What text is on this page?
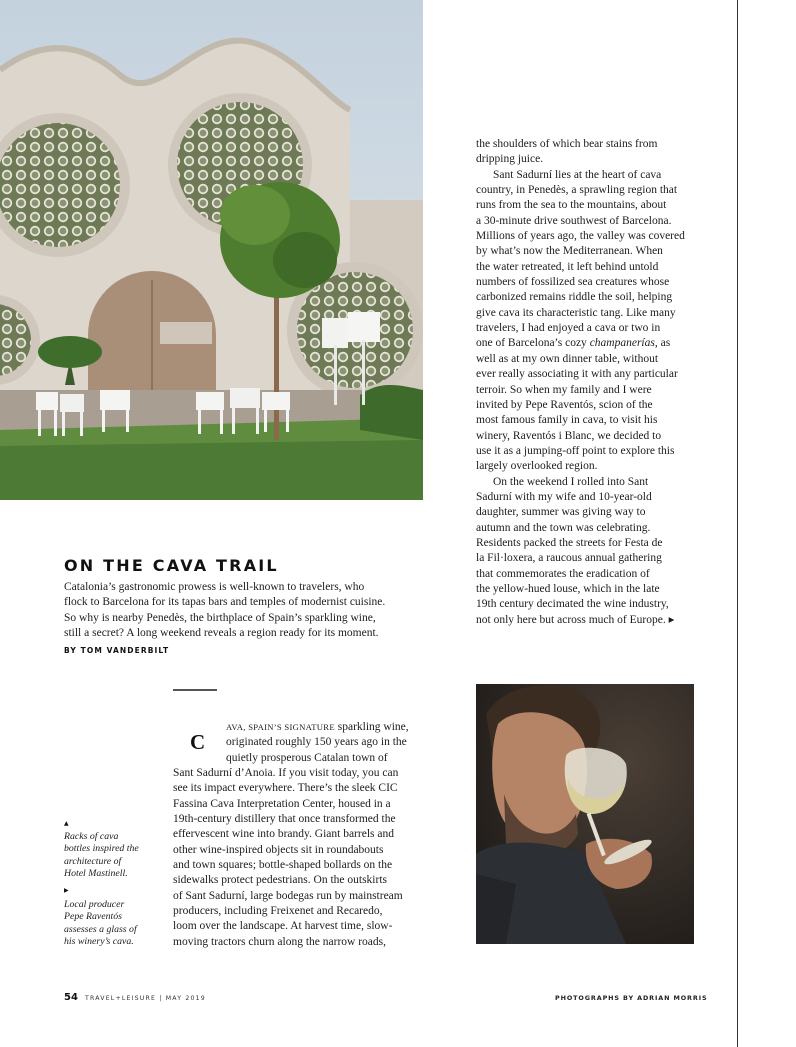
the shoulders of which bear stains from
dripping juice.
Sant Sadurní lies at the heart of cava
country, in Penedès, a sprawling region that
runs from the sea to the mountains, about
a 30-minute drive southwest of Barcelona.
Millions of years ago, the valley was covered
by what’s now the Mediterranean. When
the water retreated, it left behind untold
numbers of fossilized sea creatures whose
carbonized remains riddle the soil, helping
give cava its characteristic tang. Like many
travelers, I had enjoyed a cava or two in
one of Barcelona’s cozy champanerías, as
well as at my own dinner table, without
ever really associating it with any particular
terroir. So when my family and I were
invited by Pepe Raventós, scion of the
most famous family in cava, to visit his
winery, Raventós i Blanc, we decided to
use it as a jumping-off point to explore this
largely overlooked region.
On the weekend I rolled into Sant
Sadurní with my wife and 10-year-old
daughter, summer was giving way to
autumn and the town was celebrating.
Residents packed the streets for Festa de
la Fil·loxera, a raucous annual gathering
that commemorates the eradication of
the yellow-hued louse, which in the late
19th century decimated the wine industry,
not only here but across much of Europe. ▸
ON THE CAVA TRAIL
Catalonia’s gastronomic prowess is well-known to travelers, who
flock to Barcelona for its tapas bars and temples of modernist cuisine.
So why is nearby Penedès, the birthplace of Spain’s sparkling wine,
still a secret? A long weekend reveals a region ready for its moment.
BY TOM VANDERBILT
C
AVA, SPAIN’S SIGNATURE sparkling wine,
originated roughly 150 years ago in the
quietly prosperous Catalan town of
Sant Sadurní d’Anoia. If you visit today, you can
see its impact everywhere. There’s the sleek CIC
Fassina Cava Interpretation Center, housed in a
19th-century distillery that once transformed the
effervescent wine into brandy. Giant barrels and
other wine-inspired objects sit in roundabouts
and town squares; bottle-shaped bollards on the
sidewalks protect pedestrians. On the outskirts
of Sant Sadurní, large bodegas run by mainstream
producers, including Freixenet and Recaredo,
loom over the landscape. At harvest time, slow-
moving tractors churn along the narrow roads,
▲
Racks of cava
bottles inspired the
architecture of
Hotel Mastinell.
▶
Local producer
Pepe Raventós
assesses a glass of
his winery’s cava.
54 TRAVEL+LEISURE | MAY 2019	PHOTOGRAPHS BY ADRIAN MORRIS
